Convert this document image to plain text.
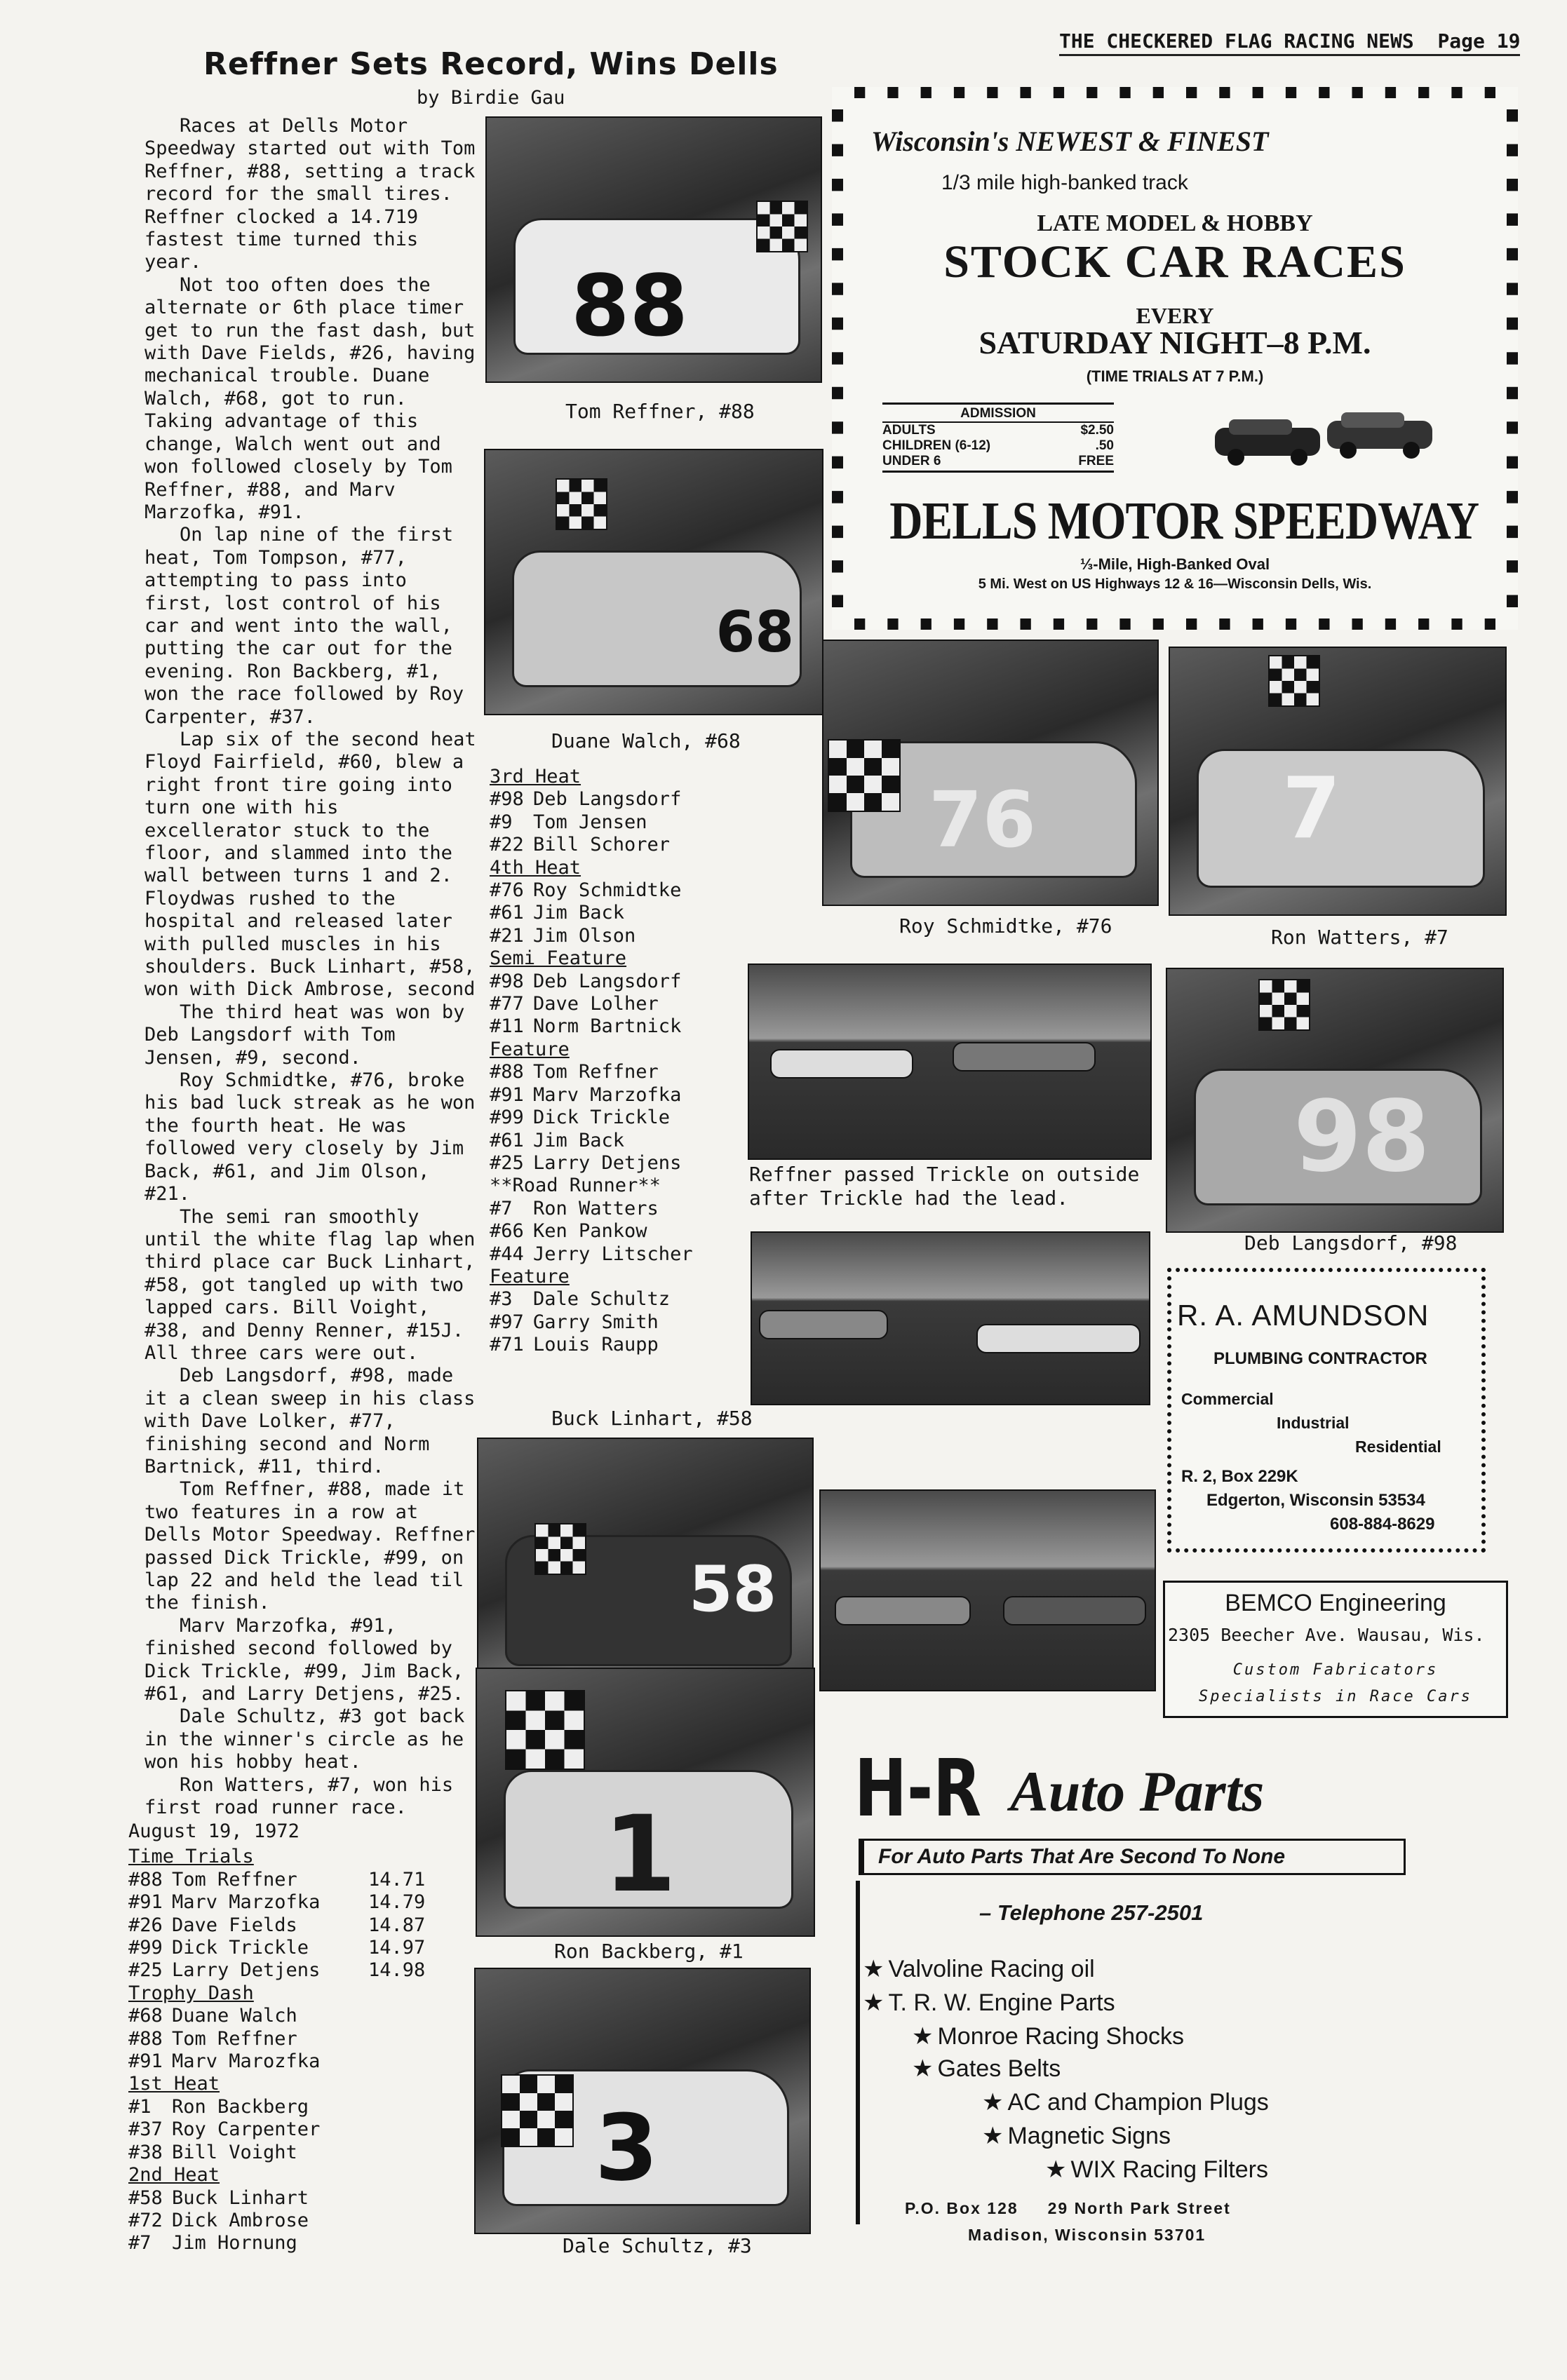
THE CHECKERED FLAG RACING NEWS Page 19
Reffner Sets Record, Wins Dells
by Birdie Gau

Races at Dells Motor Speedway started out with Tom Reffner, #88, setting a track record for the small tires. Reffner clocked a 14.719 fastest time turned this year.

Not too often does the alternate or 6th place timer get to run the fast dash, but with Dave Fields, #26, having mechanical trouble. Duane Walch, #68, got to run. Taking advantage of this change, Walch went out and won followed closely by Tom Reffner, #88, and Marv Marzofka, #91.

On lap nine of the first heat, Tom Tompson, #77, attempting to pass into first, lost control of his car and went into the wall, putting the car out for the evening. Ron Backberg, #1, won the race followed by Roy Carpenter, #37.

Lap six of the second heat Floyd Fairfield, #60, blew a right front tire going into turn one with his excellerator stuck to the floor, and slammed into the wall between turns 1 and 2. Floydwas rushed to the hospital and released later with pulled muscles in his shoulders. Buck Linhart, #58, won with Dick Ambrose, second

The third heat was won by Deb Langsdorf with Tom Jensen, #9, second.

Roy Schmidtke, #76, broke his bad luck streak as he won the fourth heat. He was followed very closely by Jim Back, #61, and Jim Olson, #21.

The semi ran smoothly until the white flag lap when third place car Buck Linhart, #58, got tangled up with two lapped cars. Bill Voight, #38, and Denny Renner, #15J. All three cars were out.

Deb Langsdorf, #98, made it a clean sweep in his class with Dave Lolker, #77, finishing second and Norm Bartnick, #11, third.

Tom Reffner, #88, made it two features in a row at Dells Motor Speedway. Reffner passed Dick Trickle, #99, on lap 22 and held the lead til the finish.

Marv Marzofka, #91, finished second followed by Dick Trickle, #99, Jim Back, #61, and Larry Detjens, #25.

Dale Schultz, #3 got back in the winner's circle as he won his hobby heat.

Ron Watters, #7, won his first road runner race.

August 19, 1972
Time Trials
#88 Tom Reffner	14.71
#91 Marv Marzofka	14.79
#26 Dave Fields	14.87
#99 Dick Trickle	14.97
#25 Larry Detjens	14.98
Trophy Dash
#68 Duane Walch
#88 Tom Reffner
#91 Marv Marozfka
1st Heat
#1	Ron Backberg
#37 Roy Carpenter
#38 Bill Voight
2nd Heat
#58 Buck Linhart
#72 Dick Ambrose
#7	Jim Hornung
3rd Heat
#98 Deb Langsdorf
#9	Tom Jensen
#22 Bill Schorer
4th Heat
#76 Roy Schmidtke
#61 Jim Back
#21 Jim Olson
Semi Feature
#98 Deb Langsdorf
#77 Dave Lolher
#11 Norm Bartnick
Feature
#88 Tom Reffner
#91 Marv Marzofka
#99 Dick Trickle
#61 Jim Back
#25 Larry Detjens
**Road Runner**
#7	Ron Watters
#66 Ken Pankow
#44 Jerry Litscher
Feature
#3	Dale Schultz
#97 Garry Smith
#71 Louis Raupp
88
Tom Reffner, #88
68
Duane Walch, #68
76
Roy Schmidtke, #76
7
Ron Watters, #7
Reffner passed Trickle on outside
after Trickle had the lead.
98
Deb Langsdorf, #98
Buck Linhart, #58
58
1
Ron Backberg, #1
3
Dale Schultz, #3
Wisconsin's NEWEST & FINEST
1/3 mile high-banked track
LATE MODEL & HOBBY
STOCK CAR RACES
EVERY
SATURDAY NIGHT–8 P.M.
(TIME TRIALS AT 7 P.M.)
ADMISSION
ADULTS	$2.50
CHILDREN (6-12)	.50
UNDER 6	FREE
DELLS MOTOR SPEEDWAY
⅓-Mile, High-Banked Oval
5 Mi. West on US Highways 12 & 16—Wisconsin Dells, Wis.
R. A. AMUNDSON
PLUMBING CONTRACTOR
Commercial
Industrial
Residential
R. 2, Box 229K
Edgerton, Wisconsin 53534
608-884-8629
BEMCO Engineering
2305 Beecher Ave. Wausau, Wis.
Custom Fabricators
Specialists in Race Cars
H-R Auto Parts
For Auto Parts That Are Second To None
– Telephone 257-2501
★ Valvoline Racing oil
★ T. R. W. Engine Parts
★ Monroe Racing Shocks
★ Gates Belts
★ AC and Champion Plugs
★ Magnetic Signs
★ WIX Racing Filters
P.O. Box 128     29 North Park Street
Madison, Wisconsin 53701
